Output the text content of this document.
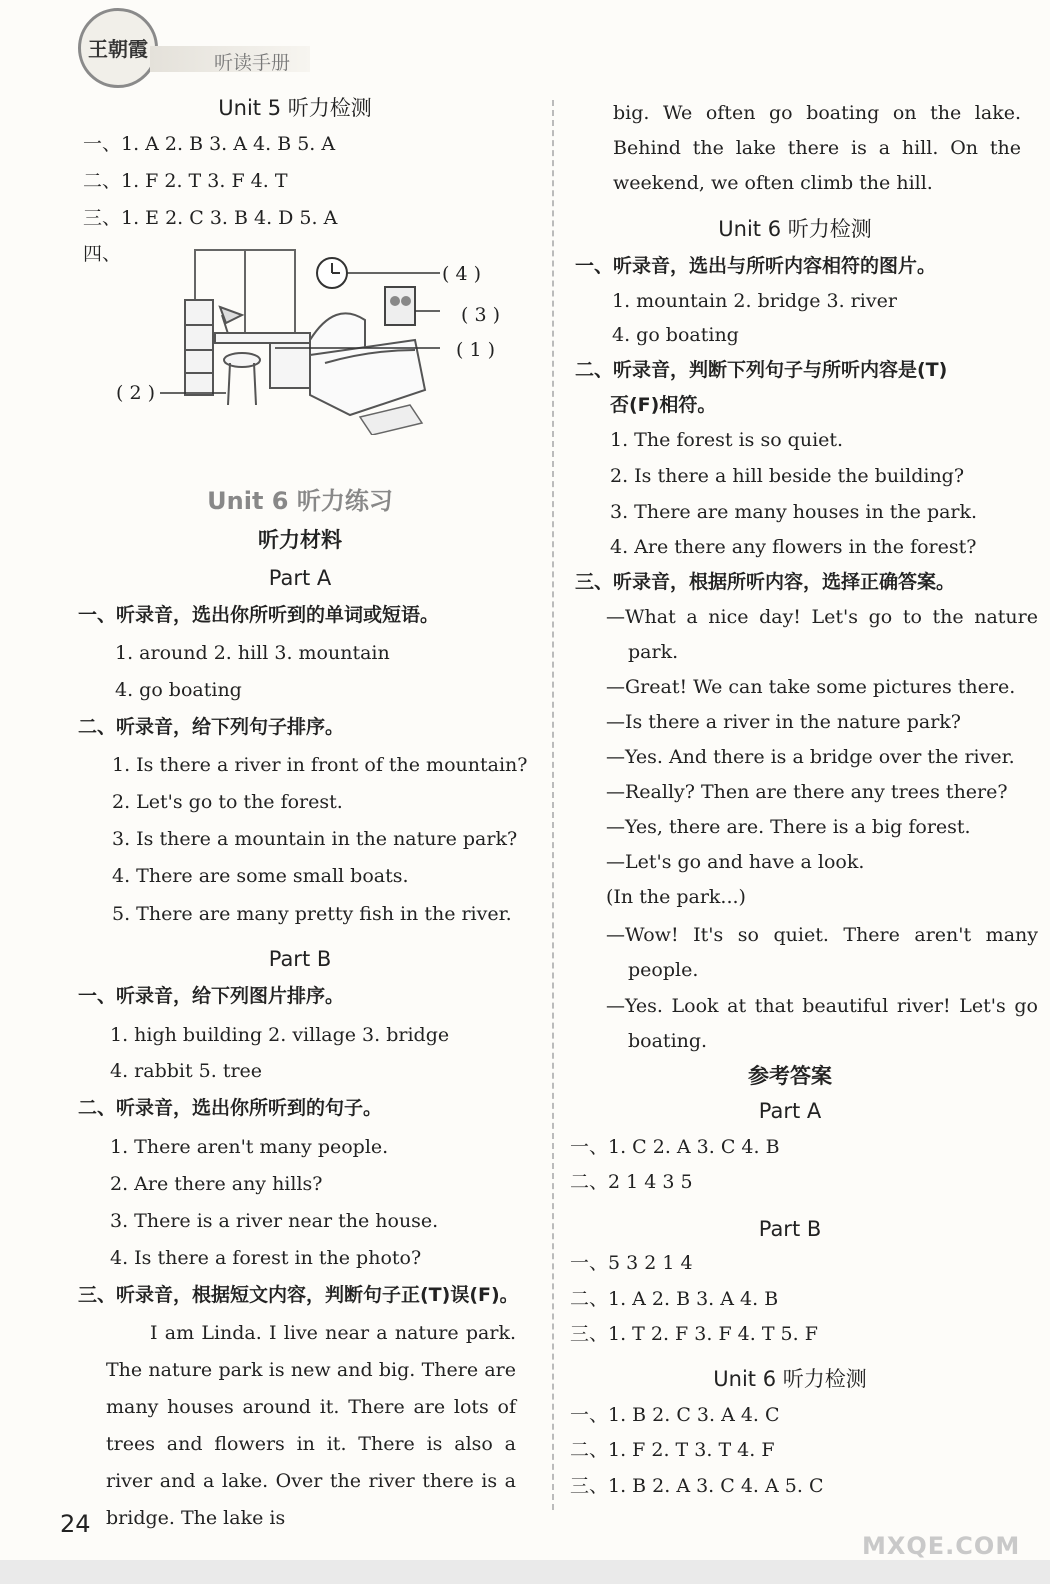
王朝霞
听读手册
Unit 5 听力检测
一、1. A 2. B 3. A 4. B 5. A
二、1. F 2. T 3. F 4. T
三、1. E 2. C 3. B 4. D 5. A
四、
( 4 )
( 3 )
( 1 )
( 2 )
Unit 6 听力练习
听力材料
Part A
一、听录音，选出你所听到的单词或短语。
1. around 2. hill 3. mountain
4. go boating
二、听录音，给下列句子排序。
1. Is there a river in front of the mountain?
2. Let's go to the forest.
3. Is there a mountain in the nature park?
4. There are some small boats.
5. There are many pretty fish in the river.
Part B
一、听录音，给下列图片排序。
1. high building 2. village 3. bridge
4. rabbit 5. tree
二、听录音，选出你所听到的句子。
1. There aren't many people.
2. Are there any hills?
3. There is a river near the house.
4. Is there a forest in the photo?
三、听录音，根据短文内容，判断句子正(T)误(F)。
I am Linda. I live near a nature park. The nature park is new and big. There are many houses around it. There are lots of trees and flowers in it. There is also a river and a lake. Over the river there is a bridge. The lake is
24
big. We often go boating on the lake. Behind the lake there is a hill. On the weekend, we often climb the hill.
Unit 6 听力检测
一、听录音，选出与所听内容相符的图片。
1. mountain 2. bridge 3. river
4. go boating
二、听录音，判断下列句子与所听内容是(T)
否(F)相符。
1. The forest is so quiet.
2. Is there a hill beside the building?
3. There are many houses in the park.
4. Are there any flowers in the forest?
三、听录音，根据所听内容，选择正确答案。
—What a nice day! Let's go to the nature park.
—Great! We can take some pictures there.
—Is there a river in the nature park?
—Yes. And there is a bridge over the river.
—Really? Then are there any trees there?
—Yes, there are. There is a big forest.
—Let's go and have a look.
(In the park...)
—Wow! It's so quiet. There aren't many people.
—Yes. Look at that beautiful river! Let's go boating.
参考答案
Part A
一、1. C 2. A 3. C 4. B
二、2 1 4 3 5
Part B
一、5 3 2 1 4
二、1. A 2. B 3. A 4. B
三、1. T 2. F 3. F 4. T 5. F
Unit 6 听力检测
一、1. B 2. C 3. A 4. C
二、1. F 2. T 3. T 4. F
三、1. B 2. A 3. C 4. A 5. C
MXQE.COM
